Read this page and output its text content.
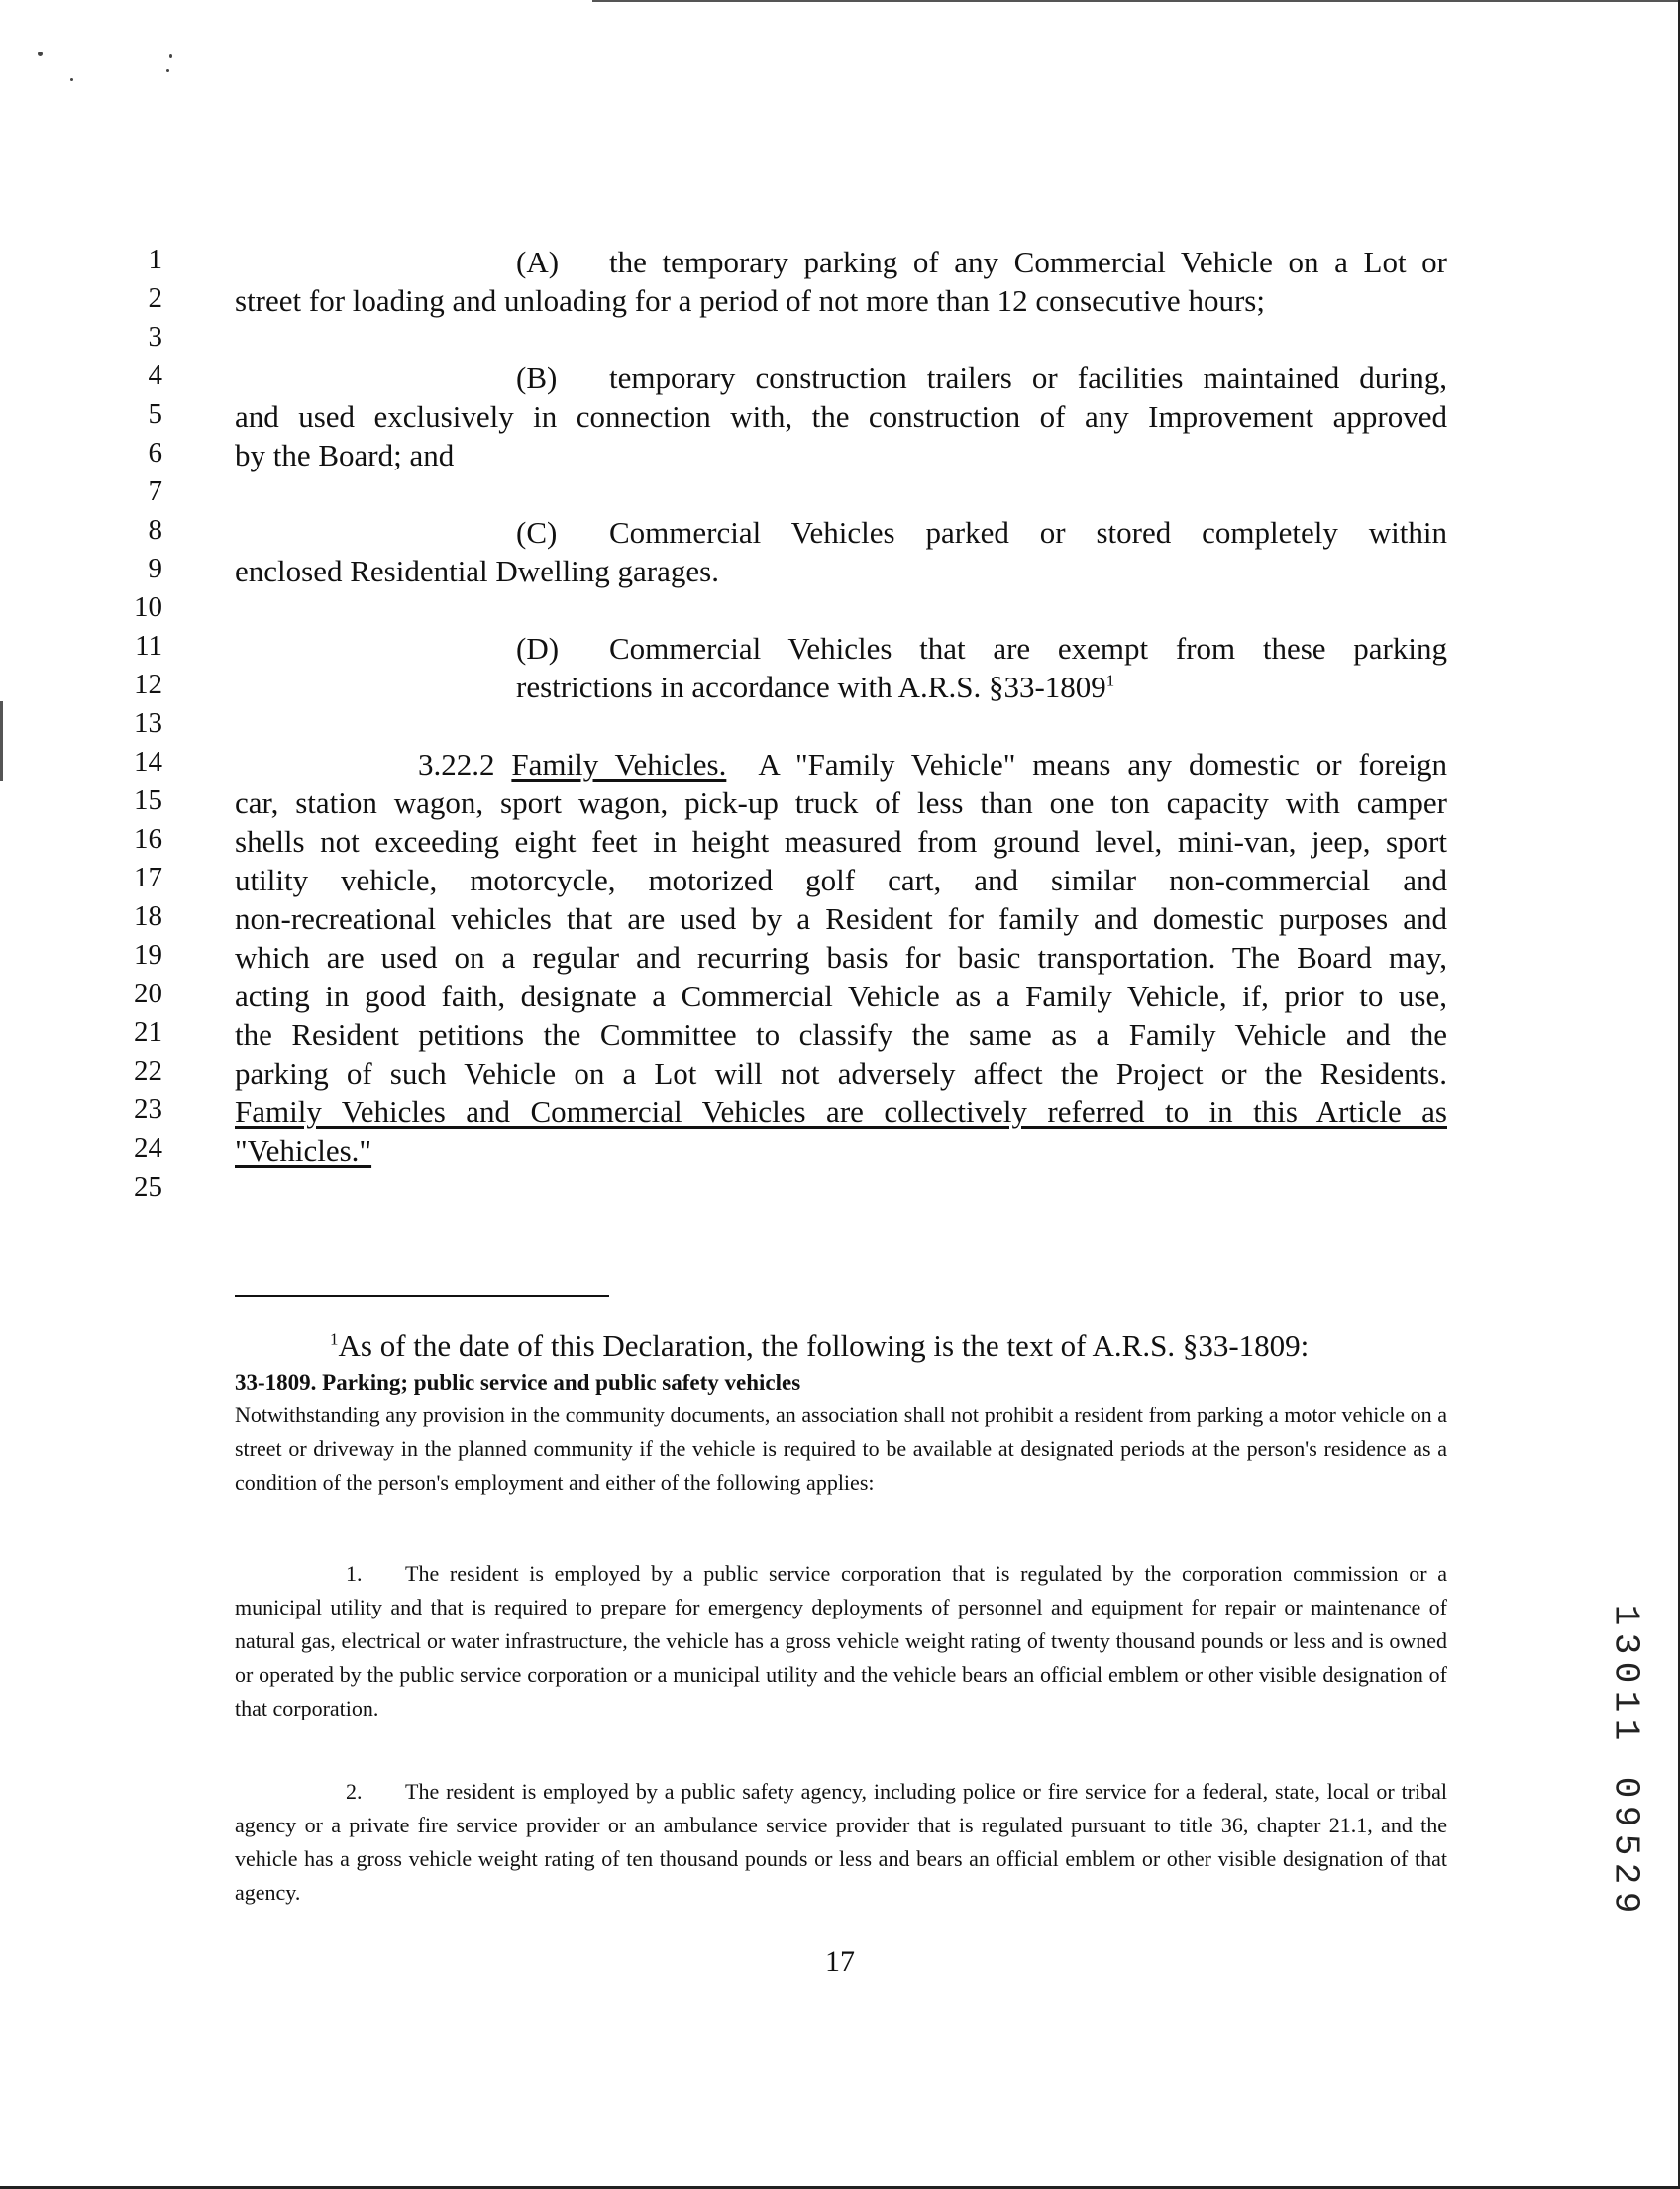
1
2
3
4
5
6
7
8
9
10
11
12
13
14
15
16
17
18
19
20
21
22
23
24
25
(A) the temporary parking of any Commercial Vehicle on a Lot or
street for loading and unloading for a period of not more than 12 consecutive hours;
(B) temporary construction trailers or facilities maintained during,
and used exclusively in connection with, the construction of any Improvement approved
by the Board; and
(C) Commercial Vehicles parked or stored completely within
enclosed Residential Dwelling garages.
(D) Commercial Vehicles that are exempt from these parking
restrictions in accordance with A.R.S. §33-1809$^1$
3.22.2 Family Vehicles. A "Family Vehicle" means any domestic or foreign
car, station wagon, sport wagon, pick-up truck of less than one ton capacity with camper
shells not exceeding eight feet in height measured from ground level, mini-van, jeep, sport
utility vehicle, motorcycle, motorized golf cart, and similar non-commercial and
non-recreational vehicles that are used by a Resident for family and domestic purposes and
which are used on a regular and recurring basis for basic transportation. The Board may,
acting in good faith, designate a Commercial Vehicle as a Family Vehicle, if, prior to use,
the Resident petitions the Committee to classify the same as a Family Vehicle and the
parking of such Vehicle on a Lot will not adversely affect the Project or the Residents.
Family Vehicles and Commercial Vehicles are collectively referred to in this Article as
"Vehicles."
$^1$As of the date of this Declaration, the following is the text of A.R.S. §33-1809:
33-1809. Parking; public service and public safety vehicles
Notwithstanding any provision in the community documents, an association shall not prohibit a resident from parking a motor vehicle on a street or driveway in the planned community if the vehicle is required to be available at designated periods at the person's residence as a condition of the person's employment and either of the following applies:
1. The resident is employed by a public service corporation that is regulated by the corporation commission or a municipal utility and that is required to prepare for emergency deployments of personnel and equipment for repair or maintenance of natural gas, electrical or water infrastructure, the vehicle has a gross vehicle weight rating of twenty thousand pounds or less and is owned or operated by the public service corporation or a municipal utility and the vehicle bears an official emblem or other visible designation of that corporation.
2. The resident is employed by a public safety agency, including police or fire service for a federal, state, local or tribal agency or a private fire service provider or an ambulance service provider that is regulated pursuant to title 36, chapter 21.1, and the vehicle has a gross vehicle weight rating of ten thousand pounds or less and bears an official emblem or other visible designation of that agency.
17
1
3
0
1
1

0
9
5
2
9
